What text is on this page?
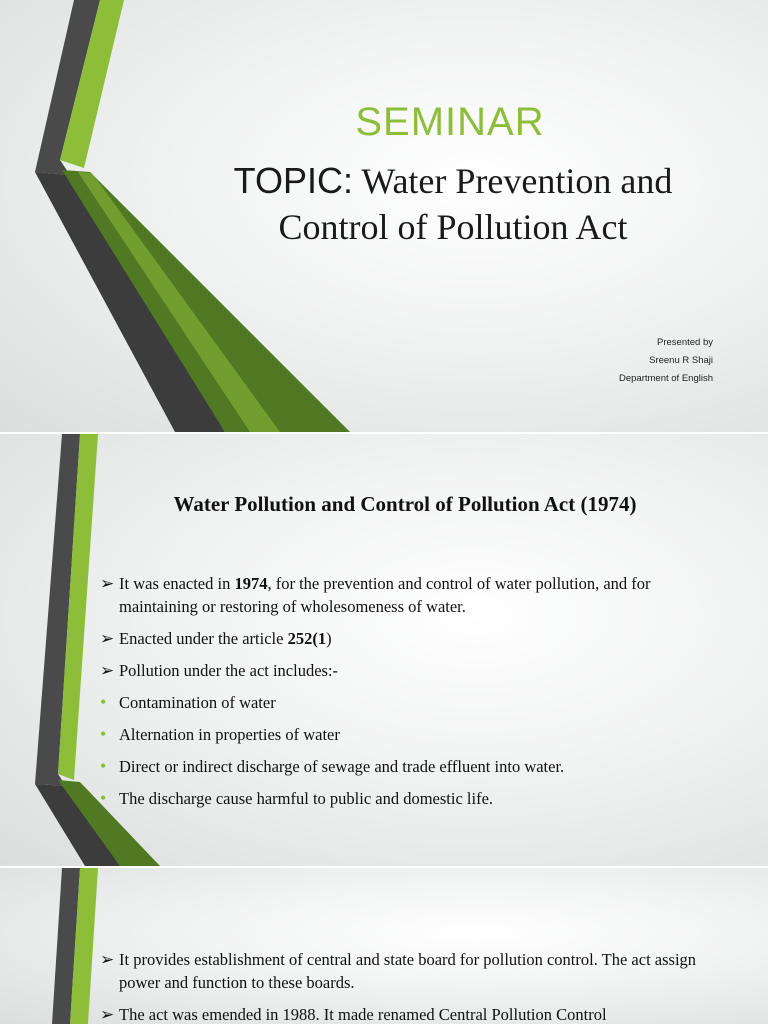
SEMINAR
TOPIC: Water Prevention and Control of Pollution Act
Presented by
Sreenu R Shaji
Department of English
Water Pollution and Control of Pollution Act (1974)
➢ It was enacted in 1974, for the prevention and control of water pollution, and for maintaining or restoring of wholesomeness of water.
➢ Enacted under the article 252(1)
➢ Pollution under the act includes:-
• Contamination of water
• Alternation in properties of water
• Direct or indirect discharge of sewage and trade effluent into water.
• The discharge cause harmful to public and domestic life.
➢ It provides establishment of central and state board for pollution control. The act assign power and function to these boards.
➢ The act was emended in 1988. It made renamed Central Pollution Control
